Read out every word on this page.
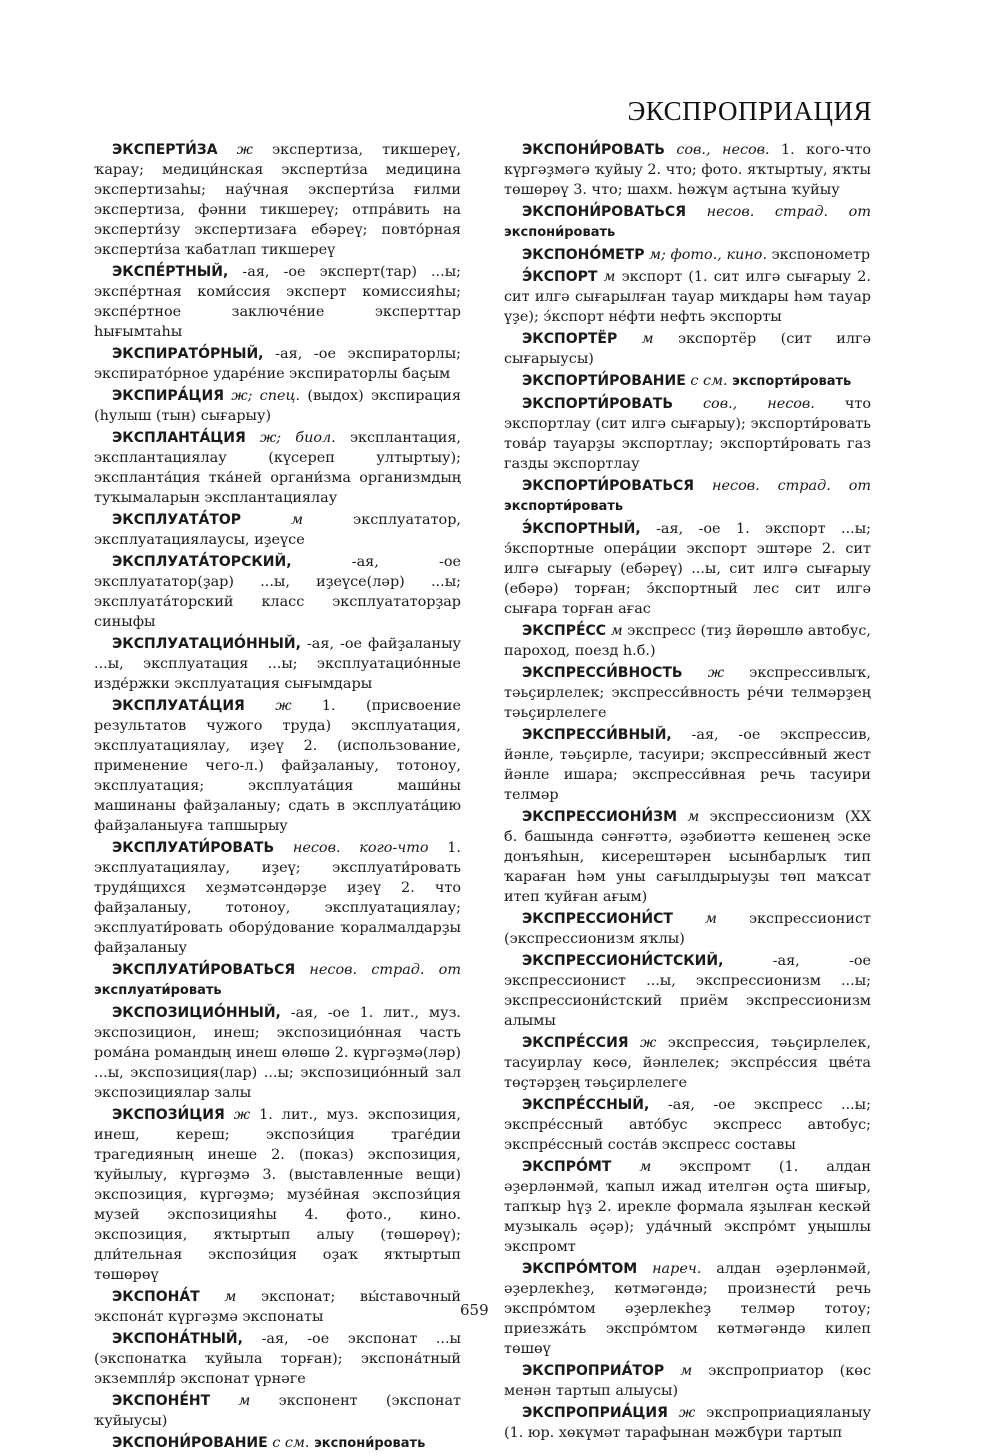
ЭКСПРОПРИАЦИЯ

ЭКСПЕРТИ́ЗА ж экспертиза, тикшереү, ҡарау; медици́нская эксперти́за медицина экспертизаһы; нау́чная эксперти́за ғилми экспертиза, фәнни тикшереү; отпра́вить на эксперти́зу экспертизаға ебәреү; повто́рная эксперти́за ҡабатлап тикшереү

ЭКСПЕ́РТНЫЙ, -ая, -ое эксперт(тар) ...ы; экспе́ртная коми́ссия эксперт комиссияһы; экспе́ртное заключе́ние эксперттар һығымтаһы

ЭКСПИРАТО́РНЫЙ, -ая, -ое экспираторлы; экспирато́рное ударе́ние экспираторлы баҫым

ЭКСПИРА́ЦИЯ ж; спец. (выдох) экспирация (һулыш (тын) сығарыу)

ЭКСПЛАНТА́ЦИЯ ж; биол. эксплантация, эксплантациялау (күсереп ултыртыу); экспланта́ция тка́ней органи́зма организмдың туҡымаларын эксплантациялау

ЭКСПЛУАТА́ТОР	м	эксплуататор, эксплуатациялаусы, иҙеүсе

ЭКСПЛУАТА́ТОРСКИЙ,	-ая, -ое эксплуататор(ҙар) ...ы, иҙеүсе(ләр) ...ы; эксплуата́торский класс эксплуататорҙар синыфы

ЭКСПЛУАТАЦИО́ННЫЙ, -ая, -ое файҙаланыу ...ы, эксплуатация ...ы; эксплуатацио́нные изде́ржки эксплуатация сығымдары

ЭКСПЛУАТА́ЦИЯ ж 1. (присвоение результатов чужого труда) эксплуатация, эксплуатациялау, иҙеү 2. (использование, применение чего-л.) файҙаланыу, тотоноу, эксплуатация; эксплуата́ция маши́ны машинаны файҙаланыу; сдать в эксплуата́цию файҙаланыуға тапшырыу

ЭКСПЛУАТИ́РОВАТЬ несов. кого-что 1. эксплуатациялау, иҙеү; эксплуати́ровать трудя́щихся хеҙмәтсәндәрҙе иҙеү 2. что файҙаланыу, тотоноу, эксплуатациялау; эксплуати́ровать обору́дование ҡоралмалдарҙы файҙаланыу

ЭКСПЛУАТИ́РОВАТЬСЯ несов. страд. от эксплуати́ровать

ЭКСПОЗИЦИО́ННЫЙ, -ая, -ое 1. лит., муз. экспозицион, инеш; экспозицио́нная часть рома́на романдың инеш өлөшө 2. күргәҙмә(ләр) ...ы, экспозиция(лар) ...ы; экспозицио́нный зал экспозициялар залы

ЭКСПОЗИ́ЦИЯ ж 1. лит., муз. экспозиция, инеш, кереш; экспози́ция траге́дии трагедияның инеше 2. (показ) экспозиция, ҡуйылыу, күргәҙмә 3. (выставленные вещи) экспозиция, күргәҙмә; музе́йная экспози́ция музей экспозицияһы 4. фото., кино. экспозиция, яҡтыртып алыу (төшөрөү); дли́тельная экспози́ция оҙаҡ яҡтыртып төшөрөү

ЭКСПОНА́Т м экспонат; вы́ставочный экспона́т күргәҙмә экспонаты

ЭКСПОНА́ТНЫЙ, -ая, -ое экспонат ...ы (экспонатка ҡуйыла торған); экспона́тный экземпля́р экспонат үрнәге

ЭКСПОНЕ́НТ м экспонент (экспонат ҡуйыусы)

ЭКСПОНИ́РОВАНИЕ с см. экспони́ровать

ЭКСПОНИ́РОВАТЬ сов., несов. 1. кого-что күргәҙмәгә ҡуйыу 2. что; фото. яҡтыртыу, яҡты төшөрөү 3. что; шахм. һөжүм аҫтына ҡуйыу

ЭКСПОНИ́РОВАТЬСЯ несов. страд. от экспони́ровать

ЭКСПОНО́МЕТР м; фото., кино. экспонометр

Э́КСПОРТ м экспорт (1. сит илгә сығарыу 2. сит илгә сығарылған тауар миҡдары һәм тауар үҙе); э́кспорт не́фти нефть экспорты

ЭКСПОРТЁР м экспортёр (сит илгә сығарыусы)

ЭКСПОРТИ́РОВАНИЕ с см. экспорти́ровать

ЭКСПОРТИ́РОВАТЬ сов., несов. что экспортлау (сит илгә сығарыу); экспорти́ровать това́р тауарҙы экспортлау; экспорти́ровать газ газды экспортлау

ЭКСПОРТИ́РОВАТЬСЯ несов. страд. от экспорти́ровать

Э́КСПОРТНЫЙ, -ая, -ое 1. экспорт ...ы; э́кспортные опера́ции экспорт эштәре 2. сит илгә сығарыу (ебәреү) ...ы, сит илгә сығарыу (ебәрә) торған; э́кспортный лес сит илгә сығара торған ағас

ЭКСПРЕ́СС м экспресс (тиҙ йөрөшлө автобус, пароход, поезд һ.б.)

ЭКСПРЕССИ́ВНОСТЬ ж экспрессивлыҡ, тәьҫирлелек; экспресси́вность ре́чи телмәрҙең тәьҫирлелеге

ЭКСПРЕССИ́ВНЫЙ, -ая, -ое экспрессив, йәнле, тәьҫирле, тасуири; экспресси́вный жест йәнле ишара; экспресси́вная речь тасуири телмәр

ЭКСПРЕССИОНИ́ЗМ м экспрессионизм (XX б. башында сәнғәттә, әҙәбиәттә кешенең эске донъяһын, кисерештәрен ысынбарлыҡ тип ҡараған һәм уны сағылдырыуҙы төп маҡсат итеп ҡуйған ағым)

ЭКСПРЕССИОНИ́СТ м экспрессионист (экспрессионизм яҡлы)

ЭКСПРЕССИОНИ́СТСКИЙ,	-ая, -ое экспрессионист ...ы, экспрессионизм ...ы; экспрессиони́стский приём экспрессионизм алымы

ЭКСПРЕ́ССИЯ ж экспрессия, тәьҫирлелек, тасуирлау көсө, йәнлелек; экспре́ссия цве́та төҫтәрҙең тәьҫирлелеге

ЭКСПРЕ́ССНЫЙ, -ая, -ое экспресс ...ы; экспре́ссный авто́бус экспресс автобус; экспре́ссный соста́в экспресс составы

ЭКСПРО́МТ м экспромт (1. алдан әҙерләнмәй, ҡапыл ижад ителгән оҫта шиғыр, тапҡыр һүҙ 2. ирекле формала яҙылған кескәй музыкаль әҫәр); уда́чный экспро́мт уңышлы экспромт

ЭКСПРО́МТОМ нареч. алдан әҙерләнмәй, әҙерлекһеҙ, көтмәгәндә; произнести́ речь экспро́мтом әҙерлекһеҙ телмәр тотоу; приезжа́ть экспро́мтом көтмәгәндә килеп төшөү

ЭКСПРОПРИА́ТОР м экспроприатор (көс менән тартып алыусы)

ЭКСПРОПРИА́ЦИЯ ж экспроприацияланыу (1. юр. хөкүмәт тарафынан мәжбүри тартып

659
